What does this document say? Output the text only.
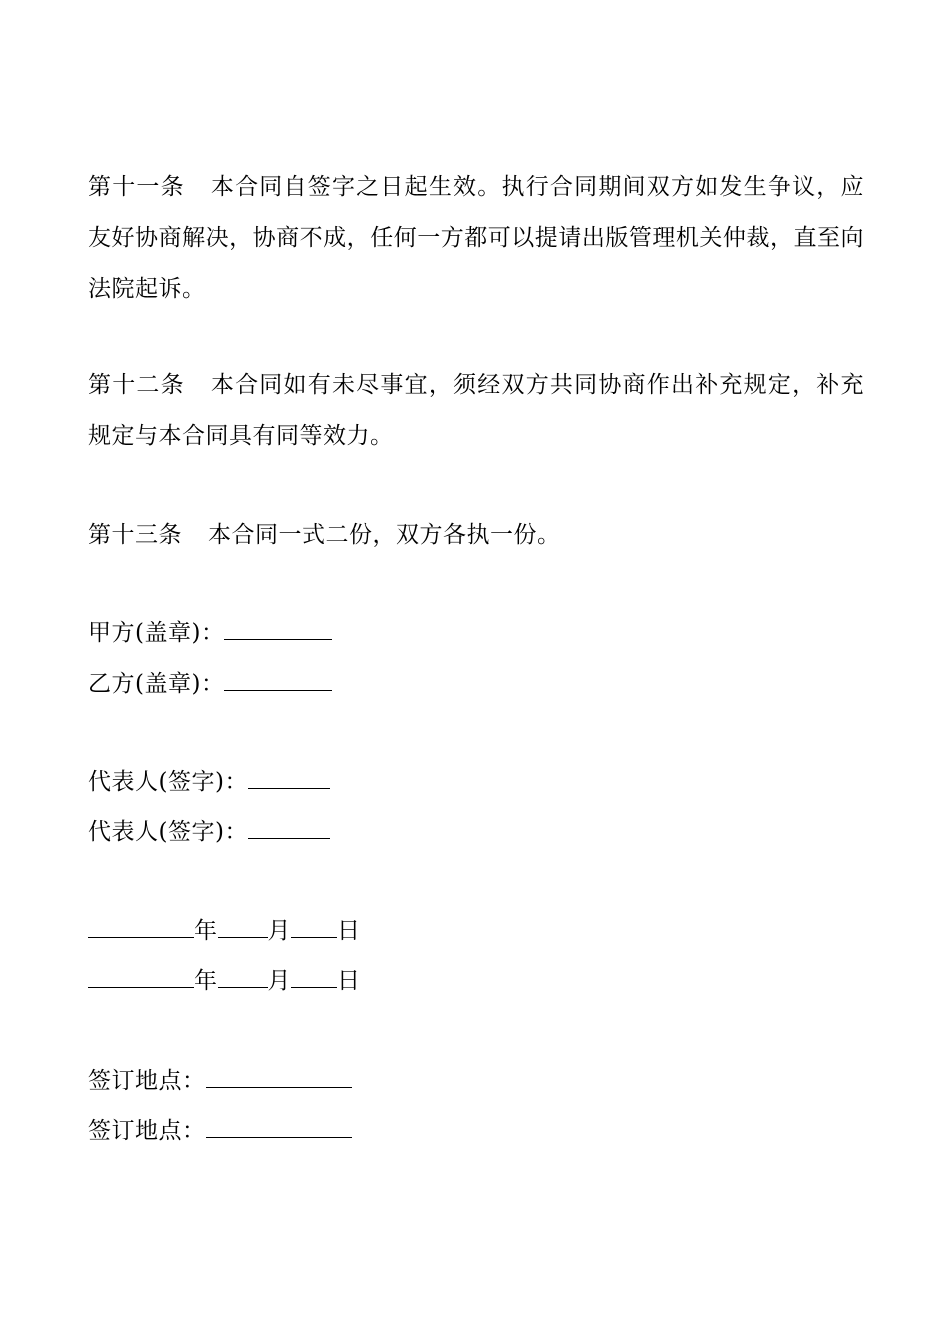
第十一条 本合同自签字之日起生效。执行合同期间双方如发生争议，应友好协商解决，协商不成，任何一方都可以提请出版管理机关仲裁，直至向法院起诉。
第十二条 本合同如有未尽事宜，须经双方共同协商作出补充规定，补充规定与本合同具有同等效力。
第十三条 本合同一式二份，双方各执一份。
甲方(盖章)：
乙方(盖章)：
代表人(签字)：
代表人(签字)：
年 月 日
年 月 日
签订地点：
签订地点：
